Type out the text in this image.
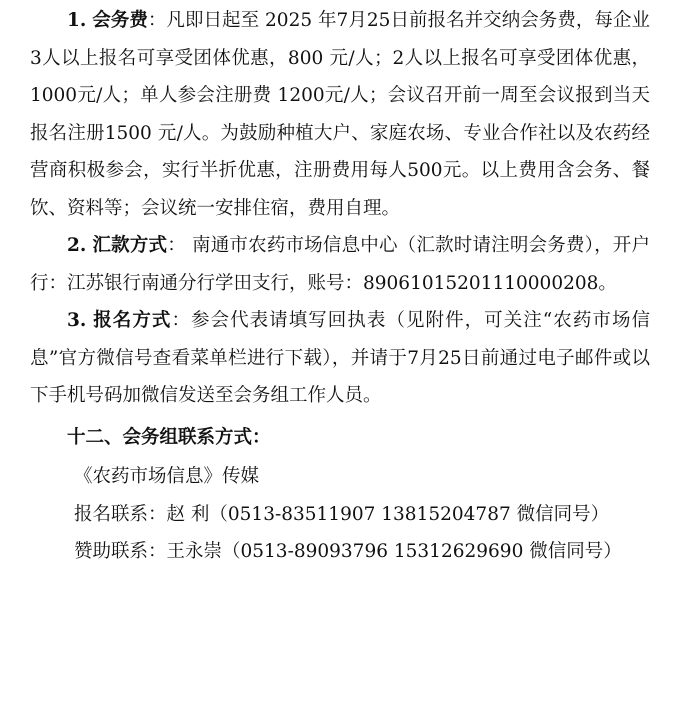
1. 会务费：凡即日起至 2025 年7月25日前报名并交纳会务费，每企业 3人以上报名可享受团体优惠，800 元/人；2人以上报名可享受团体优惠，1000元/人；单人参会注册费 1200元/人；会议召开前一周至会议报到当天报名注册1500 元/人。为鼓励种植大户、家庭农场、专业合作社以及农药经营商积极参会，实行半折优惠，注册费用每人500元。以上费用含会务、餐饮、资料等；会议统一安排住宿，费用自理。

2. 汇款方式： 南通市农药市场信息中心（汇款时请注明会务费），开户行：江苏银行南通分行学田支行，账号：89061015201110000208。

3. 报名方式：参会代表请填写回执表（见附件，可关注“农药市场信息”官方微信号查看菜单栏进行下载），并请于7月25日前通过电子邮件或以下手机号码加微信发送至会务组工作人员。

十二、会务组联系方式：

《农药市场信息》传媒

报名联系：赵 利（0513-83511907 13815204787 微信同号）

赞助联系：王永崇（0513-89093796 15312629690 微信同号）
